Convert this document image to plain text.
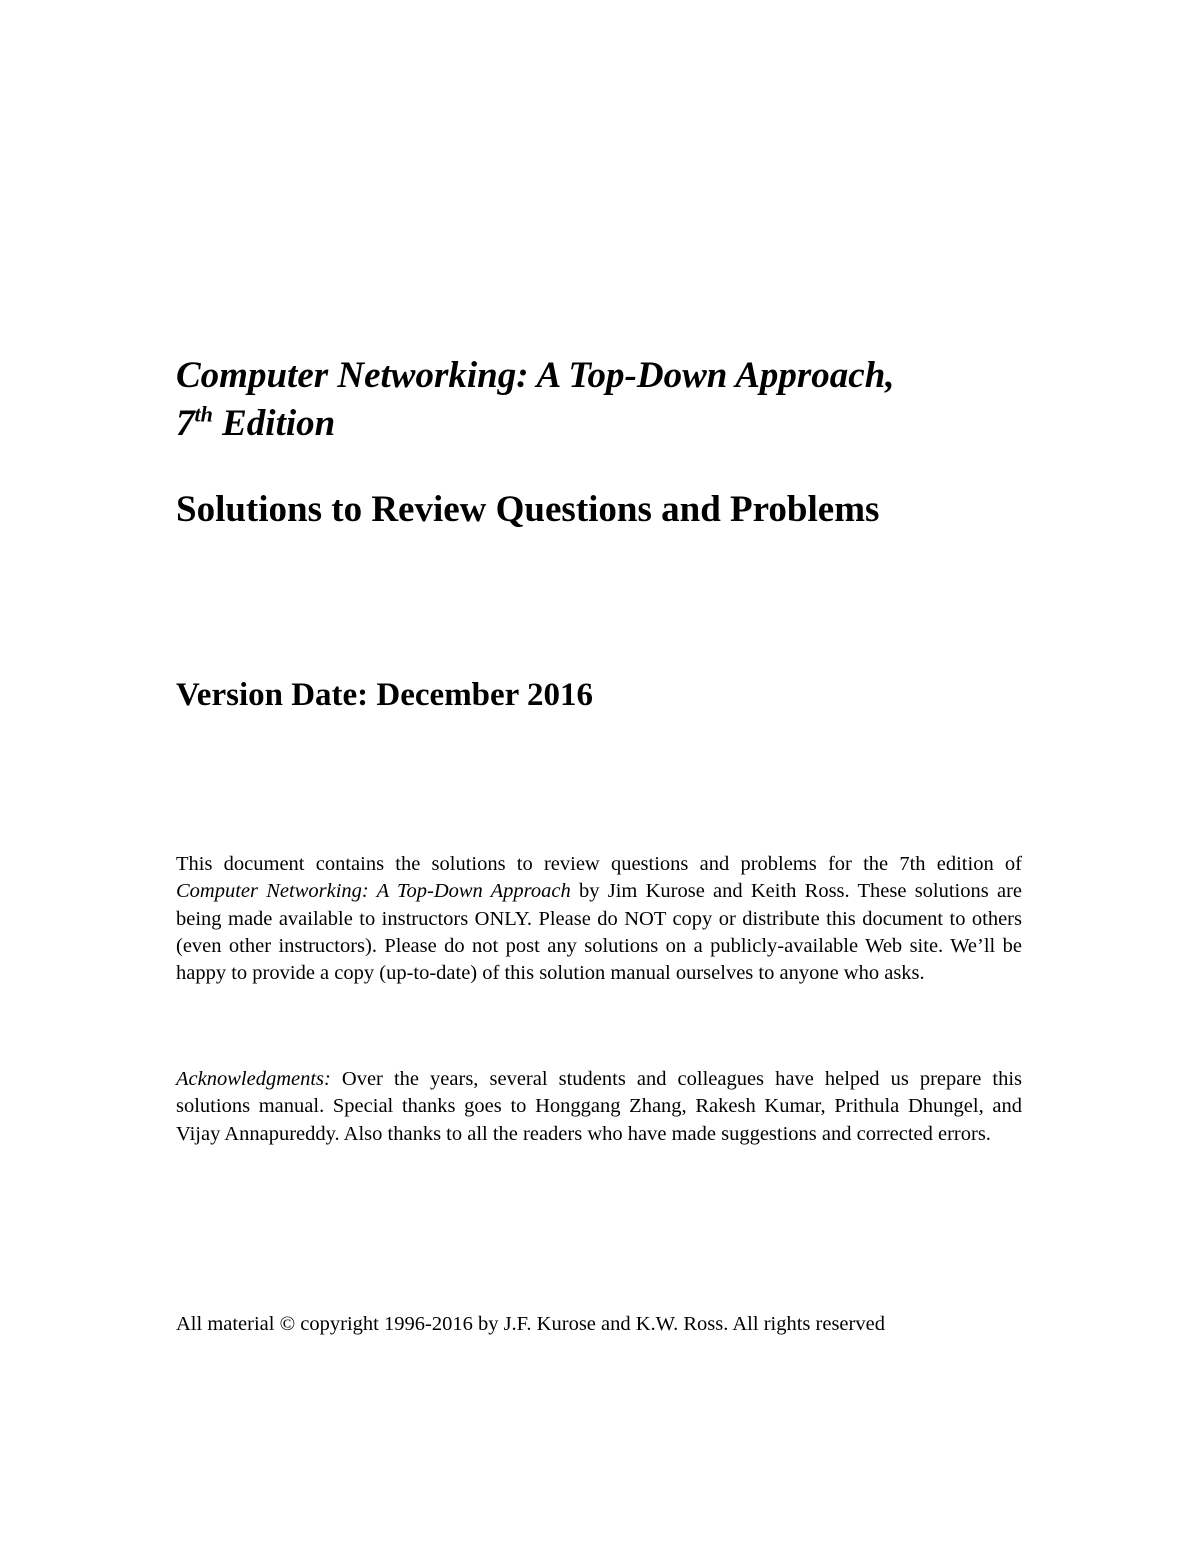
Computer Networking: A Top-Down Approach,

7th Edition

Solutions to Review Questions and Problems

Version Date: December 2016

This document contains the solutions to review questions and problems for the 7th edition of Computer Networking: A Top-Down Approach by Jim Kurose and Keith Ross. These solutions are being made available to instructors ONLY. Please do NOT copy or distribute this document to others (even other instructors). Please do not post any solutions on a publicly-available Web site. We’ll be happy to provide a copy (up-to-date) of this solution manual ourselves to anyone who asks.

Acknowledgments: Over the years, several students and colleagues have helped us prepare this solutions manual. Special thanks goes to Honggang Zhang, Rakesh Kumar, Prithula Dhungel, and Vijay Annapureddy. Also thanks to all the readers who have made suggestions and corrected errors.

All material © copyright 1996-2016 by J.F. Kurose and K.W. Ross. All rights reserved
